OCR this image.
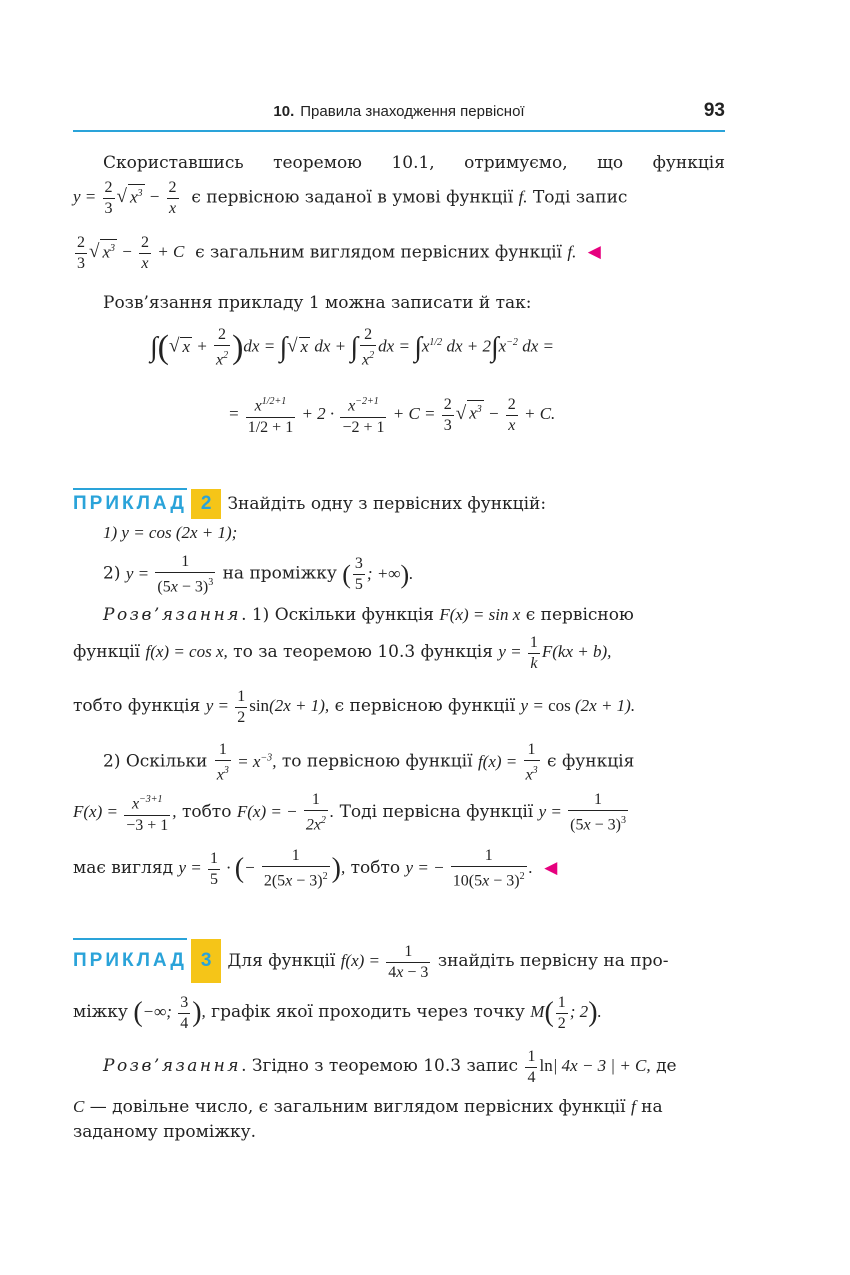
10. Правила знаходження первісної	93
Скориставшись теоремою 10.1, отримуємо, що функція
$y = \frac{2}{3}$ √ $x^3 - \frac{2}{x}$ є первісною заданої в умові функції f. Тоді запис
$\frac{2}{3}$ √ $x^3 - \frac{2}{x} + C$ є загальним виглядом первісних функції f. ◀
Розв’язання прикладу 1 можна записати й так:
∫(√ $x + \frac{2}{x^2} )dx$ = ∫√ x dx + ∫ $\frac{2}{x^2}$ dx = $\int x^{1/2}$ dx + $2\int x^{-2}$ dx =
= $\frac{x^{1/2+1}}{1/2 + 1} + 2 \cdot \frac{x^{-2+1}}{-2 + 1} + C = \frac{2}{3}$ √ $x^3 - \frac{2}{x} + C$.
ПРИКЛАД 2 Знайдіть одну з первісних функцій:
1) y = cos (2x + 1);
2) $y = \frac{1}{(5x - 3)^3}$ на проміжку ( $\frac{3}{5}$ ; +∞).
Розв’язання. 1) Оскільки функція F(x) = sin x є первісною
функції f(x) = cos x, то за теоремою 10.3 функція $y = \frac{1}{k} F(kx + b)$,
тобто функція $y = \frac{1}{2} \sin(2x + 1)$, є первісною функції y = cos (2x + 1).
2) Оскільки $\frac{1}{x^3} = x^{-3}$, то первісною функції $f(x) = \frac{1}{x^3}$ є функція
$F(x) = \frac{x^{-3+1}}{-3 + 1}$ , тобто F(x) = − $\frac{1}{2x^2}$ . Тоді первісна функції $y = \frac{1}{(5x - 3)^3}$
має вигляд $y = \frac{1}{5}$ · (− $\frac{1}{2(5x - 3)^2}$ ), тобто y = − $\frac{1}{10(5x - 3)^2}$ . ◀
ПРИКЛАД 3 Для функції $f(x) = \frac{1}{4x - 3}$ знайдіть первісну на про-
міжку (−∞; $\frac{3}{4}$ ), графік якої проходить через точку $M( \frac{1}{2}$ ; 2).
Розв’язання. Згідно з теоремою 10.3 запис $\frac{1}{4} \ln|$ 4x − 3 | + C, де
C — довільне число, є загальним виглядом первісних функції f на
заданому проміжку.
